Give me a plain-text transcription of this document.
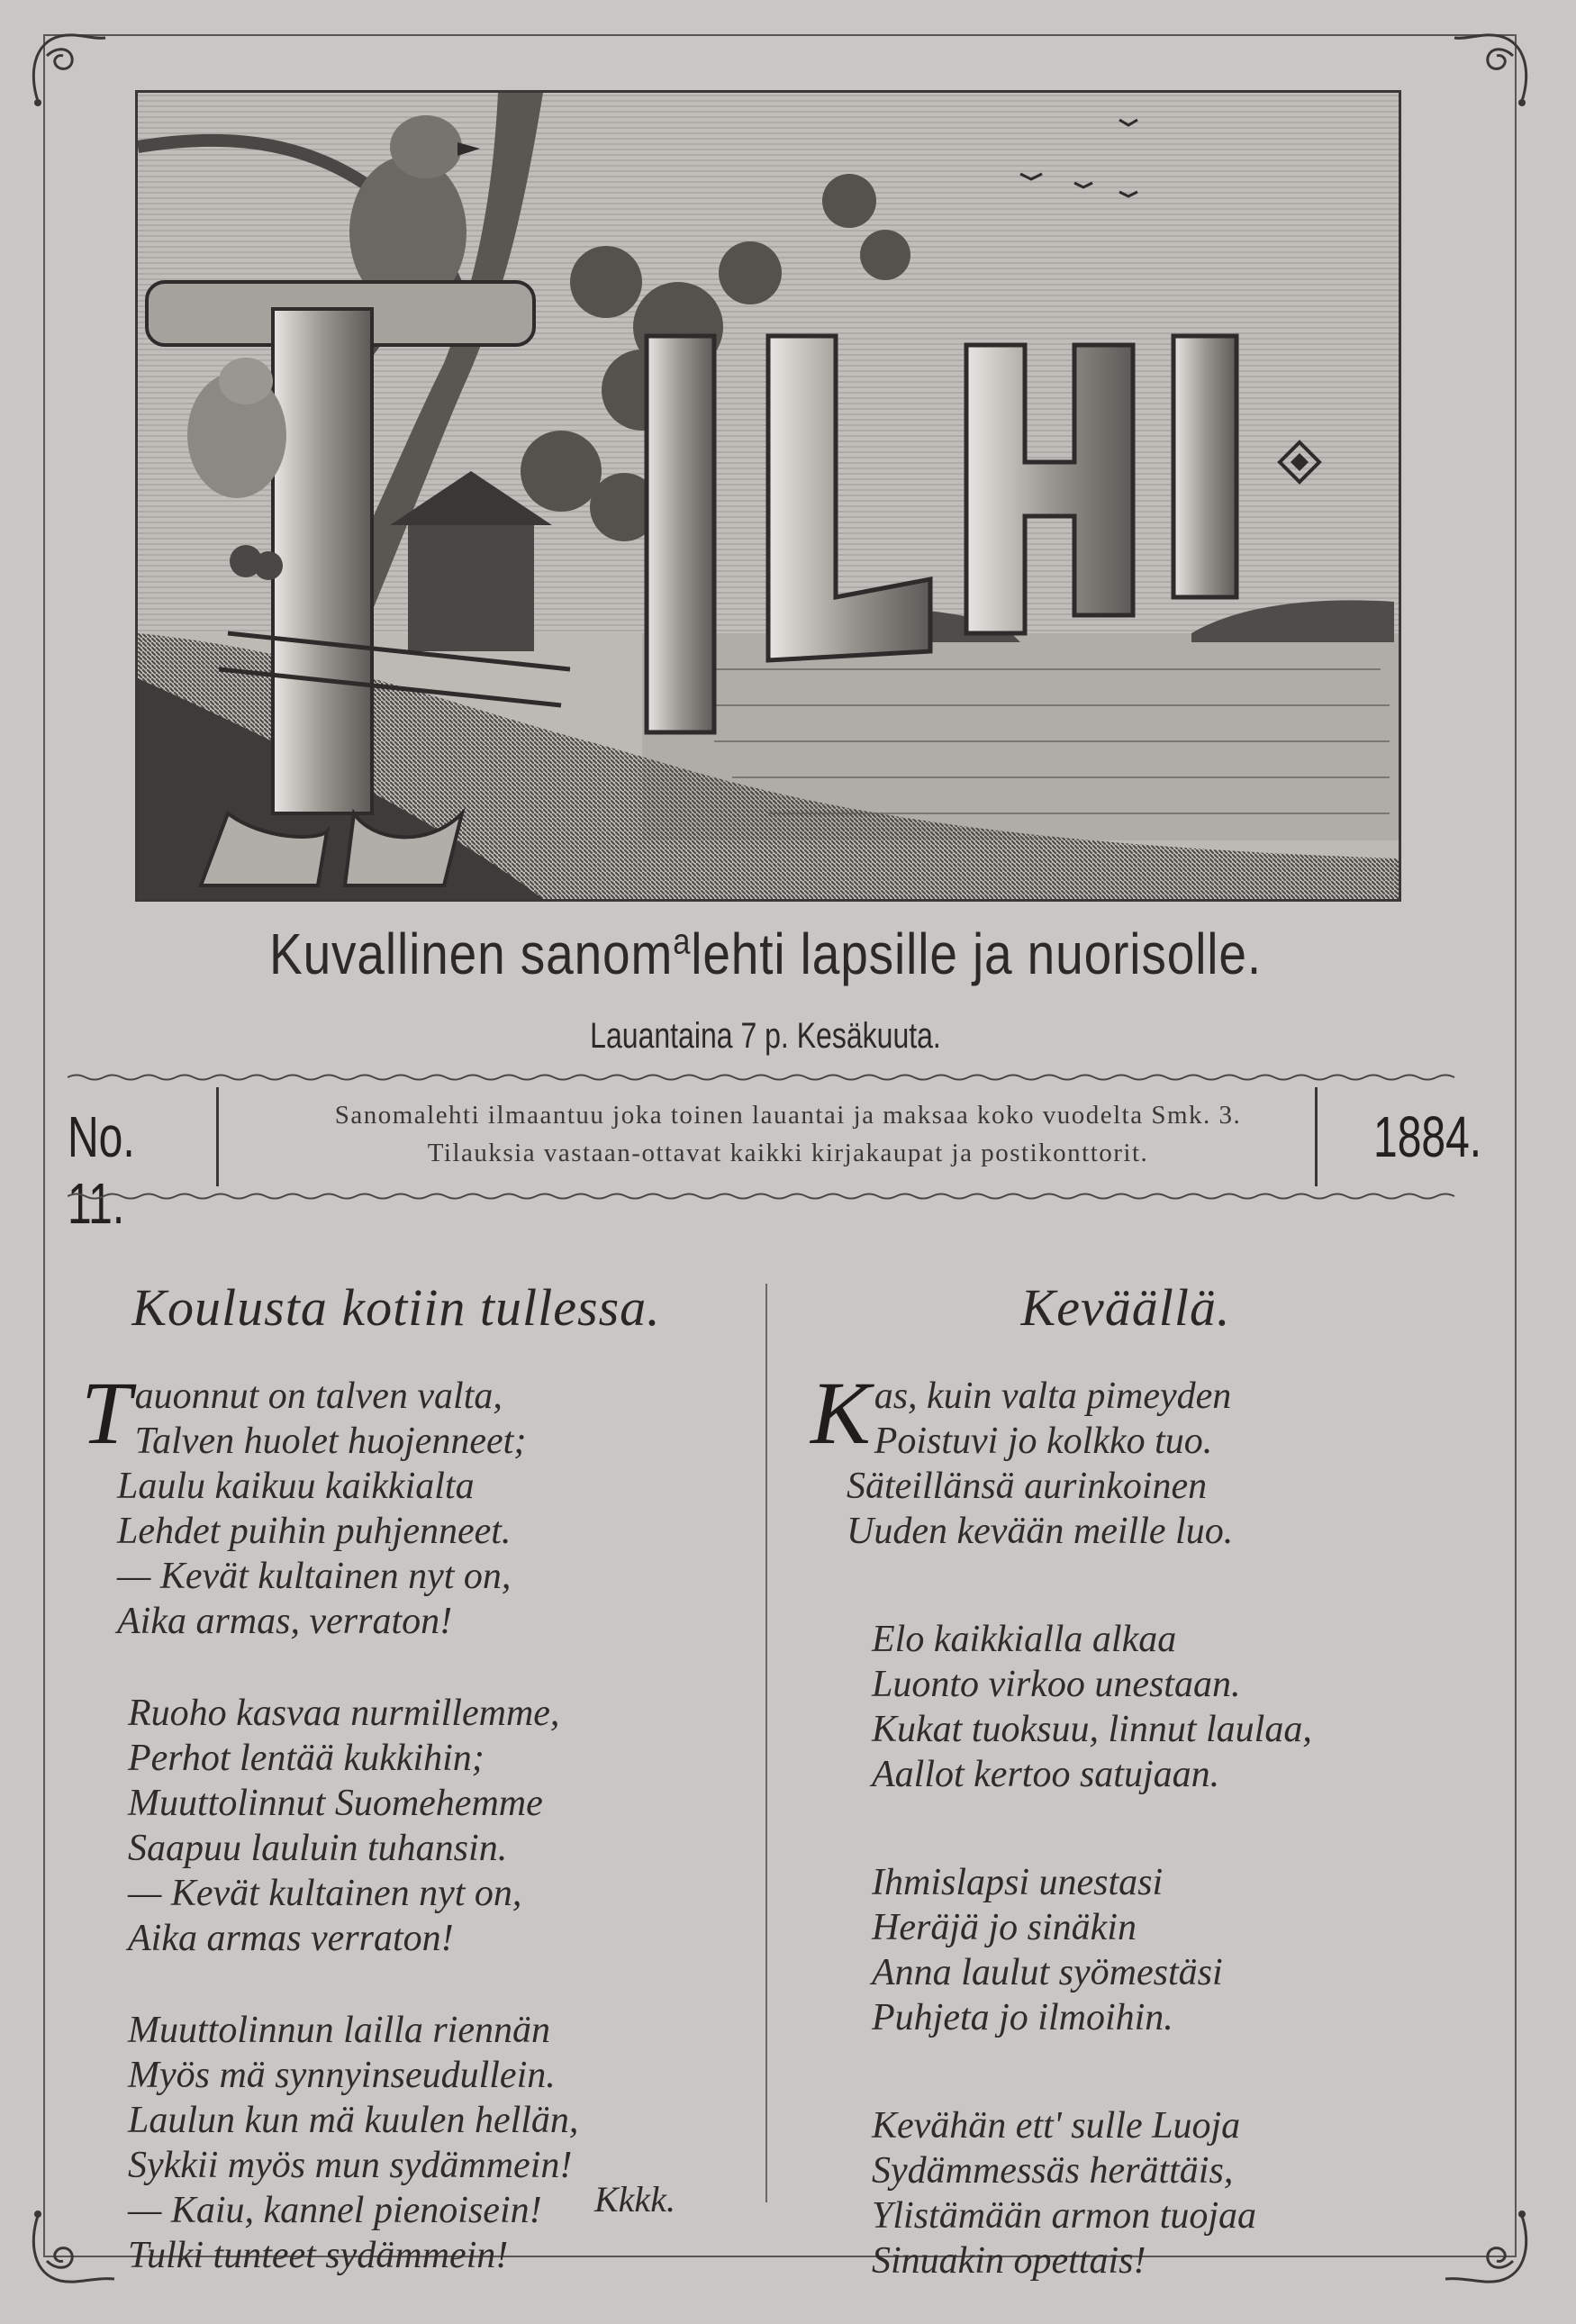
Kuvallinen sanom$^a$lehti lapsille ja nuorisolle.
Lauantaina 7 p. Kesäkuuta.
No. 11.
Sanomalehti ilmaantuu joka toinen lauantai ja maksaa koko vuodelta Smk. 3.
Tilauksia vastaan-ottavat kaikki kirjakaupat ja postikonttorit.	1884.
Koulusta kotiin tullessa.
Tauonnut on talven valta,
Talven huolet huojenneet;
Laulu kaikuu kaikkialta
Lehdet puihin puhjenneet.
— Kevät kultainen nyt on,
Aika armas, verraton!
Ruoho kasvaa nurmillemme,
Perhot lentää kukkihin;
Muuttolinnut Suomehemme
Saapuu lauluin tuhansin.
— Kevät kultainen nyt on,
Aika armas verraton!
Muuttolinnun lailla riennän
Myös mä synnyinseudullein.
Laulun kun mä kuulen hellän,
Sykkii myös mun sydämmein!
— Kaiu, kannel pienoisein!
Tulki tunteet sydämmein!
Kkkk.
Keväällä.
Kas, kuin valta pimeyden
Poistuvi jo kolkko tuo.
Säteillänsä aurinkoinen
Uuden kevään meille luo.
Elo kaikkialla alkaa
Luonto virkoo unestaan.
Kukat tuoksuu, linnut laulaa,
Aallot kertoo satujaan.
Ihmislapsi unestasi
Heräjä jo sinäkin
Anna laulut syömestäsi
Puhjeta jo ilmoihin.
Kevähän ett' sulle Luoja
Sydämmessäs herättäis,
Ylistämään armon tuojaa
Sinuakin opettais!
